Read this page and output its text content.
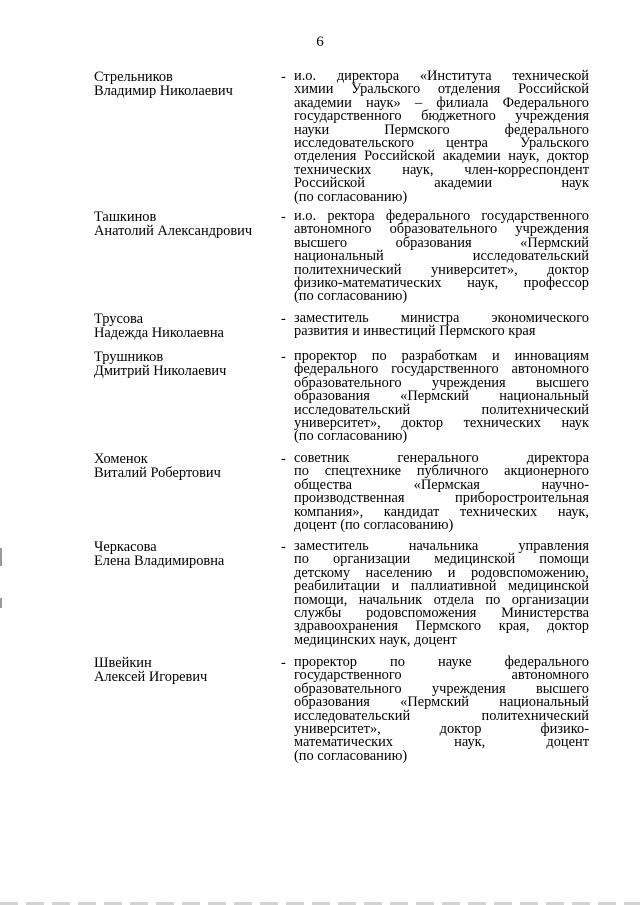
6
Стрельников
Владимир Николаевич
- и.о. директора «Института технической
химии Уральского отделения Российской
академии наук» – филиала Федерального
государственного бюджетного учреждения
науки Пермского федерального
исследовательского центра Уральского
отделения Российской академии наук, доктор
технических наук, член-корреспондент
Российской академии наук
(по согласованию)
Ташкинов
Анатолий Александрович
- и.о. ректора федерального государственного
автономного образовательного учреждения
высшего образования «Пермский
национальный исследовательский
политехнический университет», доктор
физико-математических наук, профессор
(по согласованию)
Трусова
Надежда Николаевна
- заместитель министра экономического
развития и инвестиций Пермского края
Трушников
Дмитрий Николаевич
- проректор по разработкам и инновациям
федерального государственного автономного
образовательного учреждения высшего
образования «Пермский национальный
исследовательский политехнический
университет», доктор технических наук
(по согласованию)
Хоменок
Виталий Робертович
- советник генерального директора
по спецтехнике публичного акционерного
общества «Пермская научно-
производственная приборостроительная
компания», кандидат технических наук,
доцент (по согласованию)
Черкасова
Елена Владимировна
- заместитель начальника управления
по организации медицинской помощи
детскому населению и родовспоможению,
реабилитации и паллиативной медицинской
помощи, начальник отдела по организации
службы родовспоможения Министерства
здравоохранения Пермского края, доктор
медицинских наук, доцент
Швейкин
Алексей Игоревич
- проректор по науке федерального
государственного автономного
образовательного учреждения высшего
образования «Пермский национальный
исследовательский политехнический
университет», доктор физико-
математических наук, доцент
(по согласованию)
